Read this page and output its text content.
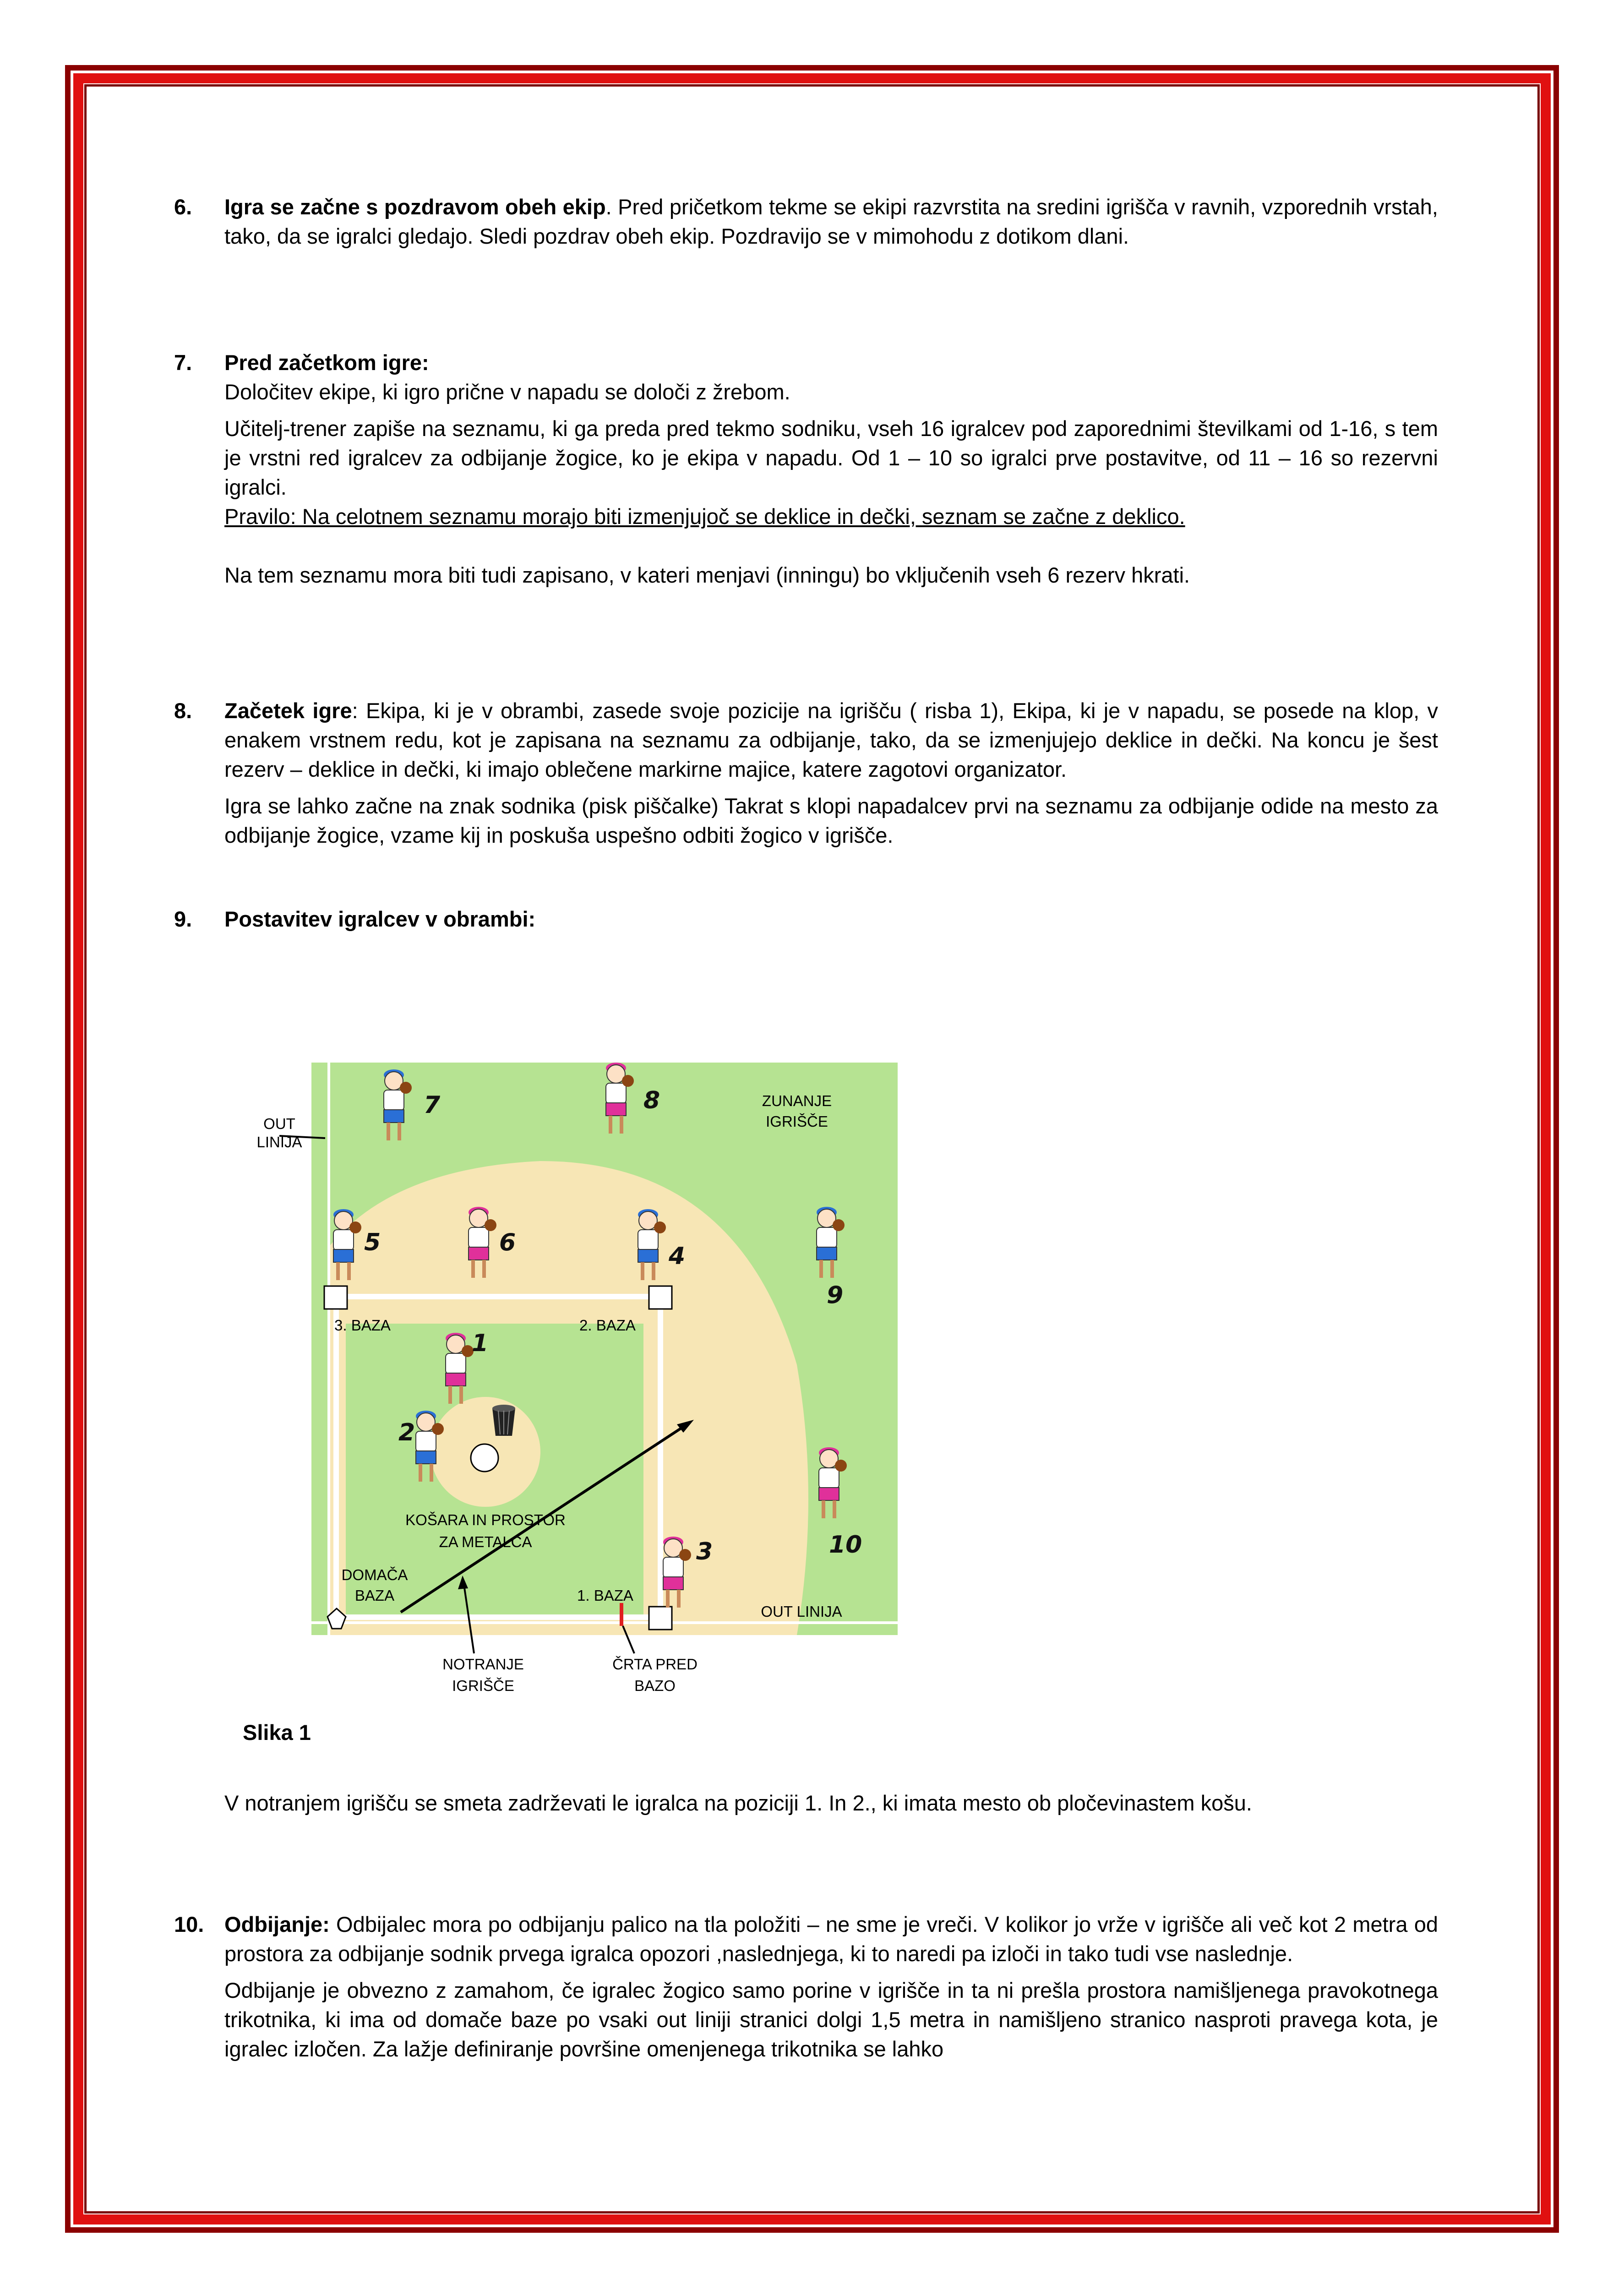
6. Igra se začne s pozdravom obeh ekip. Pred pričetkom tekme se ekipi razvrstita na sredini igrišča v ravnih, vzporednih vrstah, tako, da se igralci gledajo. Sledi pozdrav obeh ekip. Pozdravijo se v mimohodu z dotikom dlani.

7. Pred začetkom igre:

Določitev ekipe, ki igro prične v napadu se določi z žrebom.

Učitelj-trener zapiše na seznamu, ki ga preda pred tekmo sodniku, vseh 16 igralcev pod zaporednimi številkami od 1-16, s tem je vrstni red igralcev za odbijanje žogice, ko je ekipa v napadu. Od 1 – 10 so igralci prve postavitve, od 11 – 16 so rezervni igralci.

Pravilo: Na celotnem seznamu morajo biti izmenjujoč se deklice in dečki, seznam se začne z deklico.

Na tem seznamu mora biti tudi zapisano, v kateri menjavi (inningu) bo vključenih vseh 6 rezerv hkrati.

8. Začetek igre: Ekipa, ki je v obrambi, zasede svoje pozicije na igrišču ( risba 1), Ekipa, ki je v napadu, se posede na klop, v enakem vrstnem redu, kot je zapisana na seznamu za odbijanje, tako, da se izmenjujejo deklice in dečki. Na koncu je šest rezerv – deklice in dečki, ki imajo oblečene markirne majice, katere zagotovi organizator.

Igra se lahko začne na znak sodnika (pisk piščalke) Takrat s klopi napadalcev prvi na seznamu za odbijanje odide na mesto za odbijanje žogice, vzame kij in poskuša uspešno odbiti žogico v igrišče.

9. Postavitev igralcev v obrambi:

1
2
3
4
5	6
7	8
9
10
OUT
LINIJA
ZUNANJE
IGRIŠČE
3. BAZA	2. BAZA
1. BAZA
DOMAČA
BAZA
KOŠARA IN PROSTOR
ZA METALCA
OUT LINIJA
NOTRANJE
IGRIŠČE
ČRTA PRED
BAZO
Slika 1
V notranjem igrišču se smeta zadrževati le igralca na poziciji 1. In 2., ki imata mesto ob pločevinastem košu.
10. Odbijanje: Odbijalec mora po odbijanju palico na tla položiti – ne sme je vreči. V kolikor jo vrže v igrišče ali več kot 2 metra od prostora za odbijanje sodnik prvega igralca opozori ,naslednjega, ki to naredi pa izloči in tako tudi vse naslednje.

Odbijanje je obvezno z zamahom, če igralec žogico samo porine v igrišče in ta ni prešla prostora namišljenega pravokotnega trikotnika, ki ima od domače baze po vsaki out liniji stranici dolgi 1,5 metra in namišljeno stranico nasproti pravega kota, je igralec izločen. Za lažje definiranje površine omenjenega trikotnika se lahko
